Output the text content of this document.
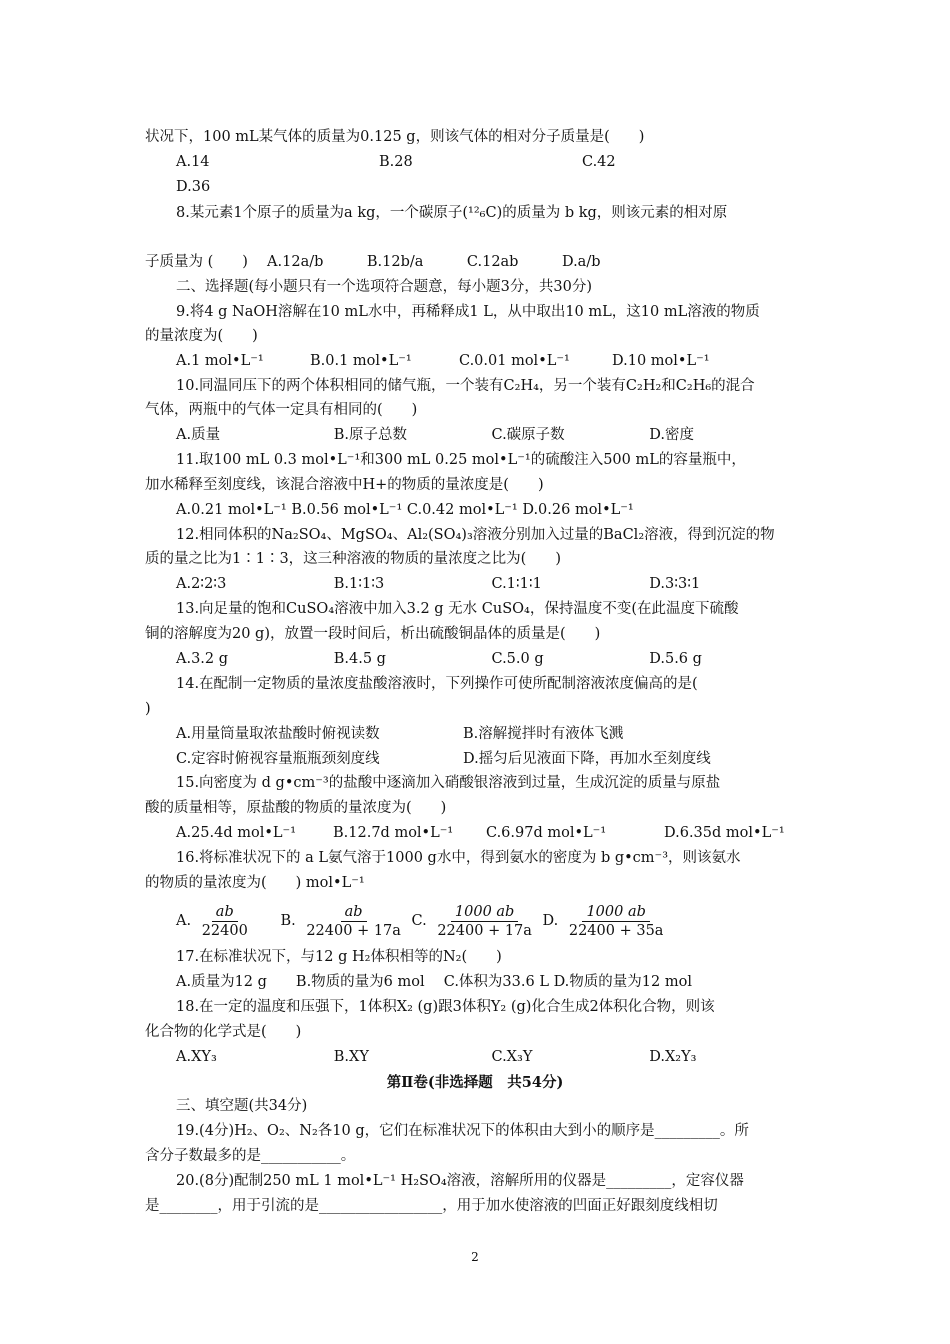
状况下，100 mL某气体的质量为0.125 g，则该气体的相对分子质量是(　　)
A.14	B.28	C.42
D.36
8.某元素1个原子的质量为a kg，一个碳原子(¹²₆C)的质量为 b kg，则该元素的相对原
子质量为 (　　)　 A.12a/b　　　B.12b/a　　　C.12ab　　　D.a/b
二、选择题(每小题只有一个选项符合题意，每小题3分，共30分)
9.将4 g NaOH溶解在10 mL水中，再稀释成1 L，从中取出10 mL，这10 mL溶液的物质
的量浓度为(　　)
A.1 mol•L⁻¹	B.0.1 mol•L⁻¹	C.0.01 mol•L⁻¹	D.10 mol•L⁻¹
10.同温同压下的两个体积相同的储气瓶，一个装有C₂H₄，另一个装有C₂H₂和C₂H₆的混合
气体，两瓶中的气体一定具有相同的(　　)
A.质量	B.原子总数	C.碳原子数	D.密度
11.取100 mL 0.3 mol•L⁻¹和300 mL 0.25 mol•L⁻¹的硫酸注入500 mL的容量瓶中，
加水稀释至刻度线，该混合溶液中H+的物质的量浓度是(　　)
A.0.21 mol•L⁻¹ B.0.56 mol•L⁻¹ C.0.42 mol•L⁻¹ D.0.26 mol•L⁻¹
12.相同体积的Na₂SO₄、MgSO₄、Al₂(SO₄)₃溶液分别加入过量的BaCl₂溶液，得到沉淀的物
质的量之比为1∶1∶3，这三种溶液的物质的量浓度之比为(　　)
A.2∶2∶3	B.1∶1∶3	C.1∶1∶1	D.3∶3∶1
13.向足量的饱和CuSO₄溶液中加入3.2 g 无水 CuSO₄，保持温度不变(在此温度下硫酸
铜的溶解度为20 g)，放置一段时间后，析出硫酸铜晶体的质量是(　　)
A.3.2 g	B.4.5 g	C.5.0 g	D.5.6 g
14.在配制一定物质的量浓度盐酸溶液时，下列操作可使所配制溶液浓度偏高的是(
)
A.用量筒量取浓盐酸时俯视读数	B.溶解搅拌时有液体飞溅
C.定容时俯视容量瓶瓶颈刻度线	D.摇匀后见液面下降，再加水至刻度线
15.向密度为 d g•cm⁻³的盐酸中逐滴加入硝酸银溶液到过量，生成沉淀的质量与原盐
酸的质量相等，原盐酸的物质的量浓度为(　　)
A.25.4d mol•L⁻¹	B.12.7d mol•L⁻¹	C.6.97d mol•L⁻¹	D.6.35d mol•L⁻¹
16.将标准状况下的 a L氨气溶于1000 g水中，得到氨水的密度为 b g•cm⁻³，则该氨水
的物质的量浓度为(　　) mol•L⁻¹
A. $\frac{ab}{22400} B$. $\frac{ab}{22400 + 17a} C$. $\frac{1000 ab}{22400 + 17a} D$. $\frac{1000 ab}{22400 + 35a}$
17.在标准状况下，与12 g H₂体积相等的N₂(　　)
A.质量为12 g　　B.物质的量为6 mol　 C.体积为33.6 L D.物质的量为12 mol
18.在一定的温度和压强下，1体积X₂ (g)跟3体积Y₂ (g)化合生成2体积化合物，则该
化合物的化学式是(　　)
A.XY₃	B.XY	C.X₃Y	D.X₂Y₃
第Ⅱ卷(非选择题　共54分)
三、填空题(共34分)
19.(4分)H₂、O₂、N₂各10 g，它们在标准状况下的体积由大到小的顺序是_________。所
含分子数最多的是___________。
20.(8分)配制250 mL 1 mol•L⁻¹ H₂SO₄溶液，溶解所用的仪器是_________，定容仪器
是________，用于引流的是_________________，用于加水使溶液的凹面正好跟刻度线相切
2
